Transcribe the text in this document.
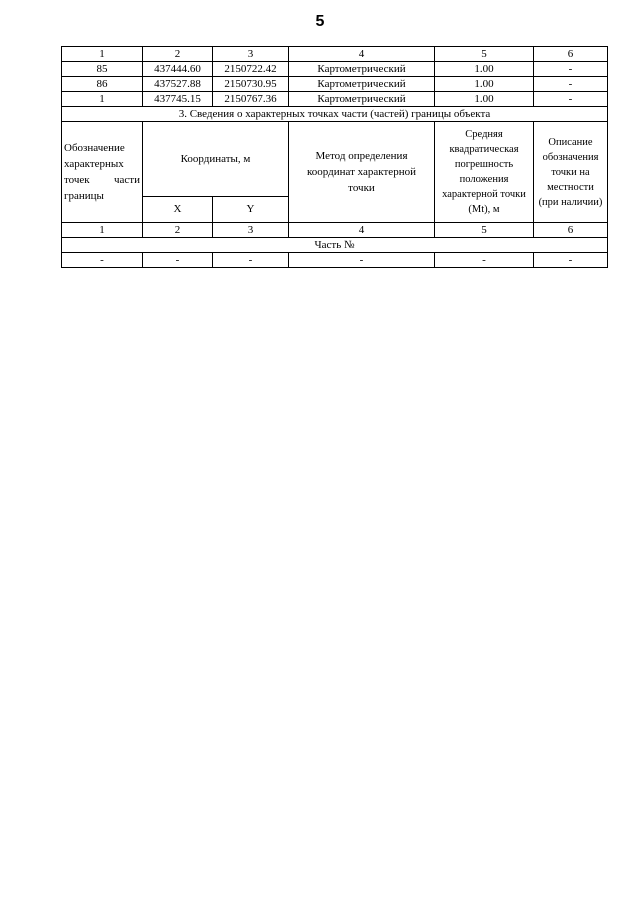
5
1	2	3	4	5	6
85	437444.60	2150722.42	Картометрический	1.00	-
86	437527.88	2150730.95	Картометрический	1.00	-
1	437745.15	2150767.36	Картометрический	1.00	-
3. Сведения о характерных точках части (частей) границы объекта					
Обозначение характерных точек части границы	Координаты, м		Метод определения координат характерной точки	Средняя квадратическая погрешность положения характерной точки (Mt), м	Описание обозначения точки на местности (при наличии)
	X	Y			
1	2	3	4	5	6
Часть №					
-	-	-	-	-	-
